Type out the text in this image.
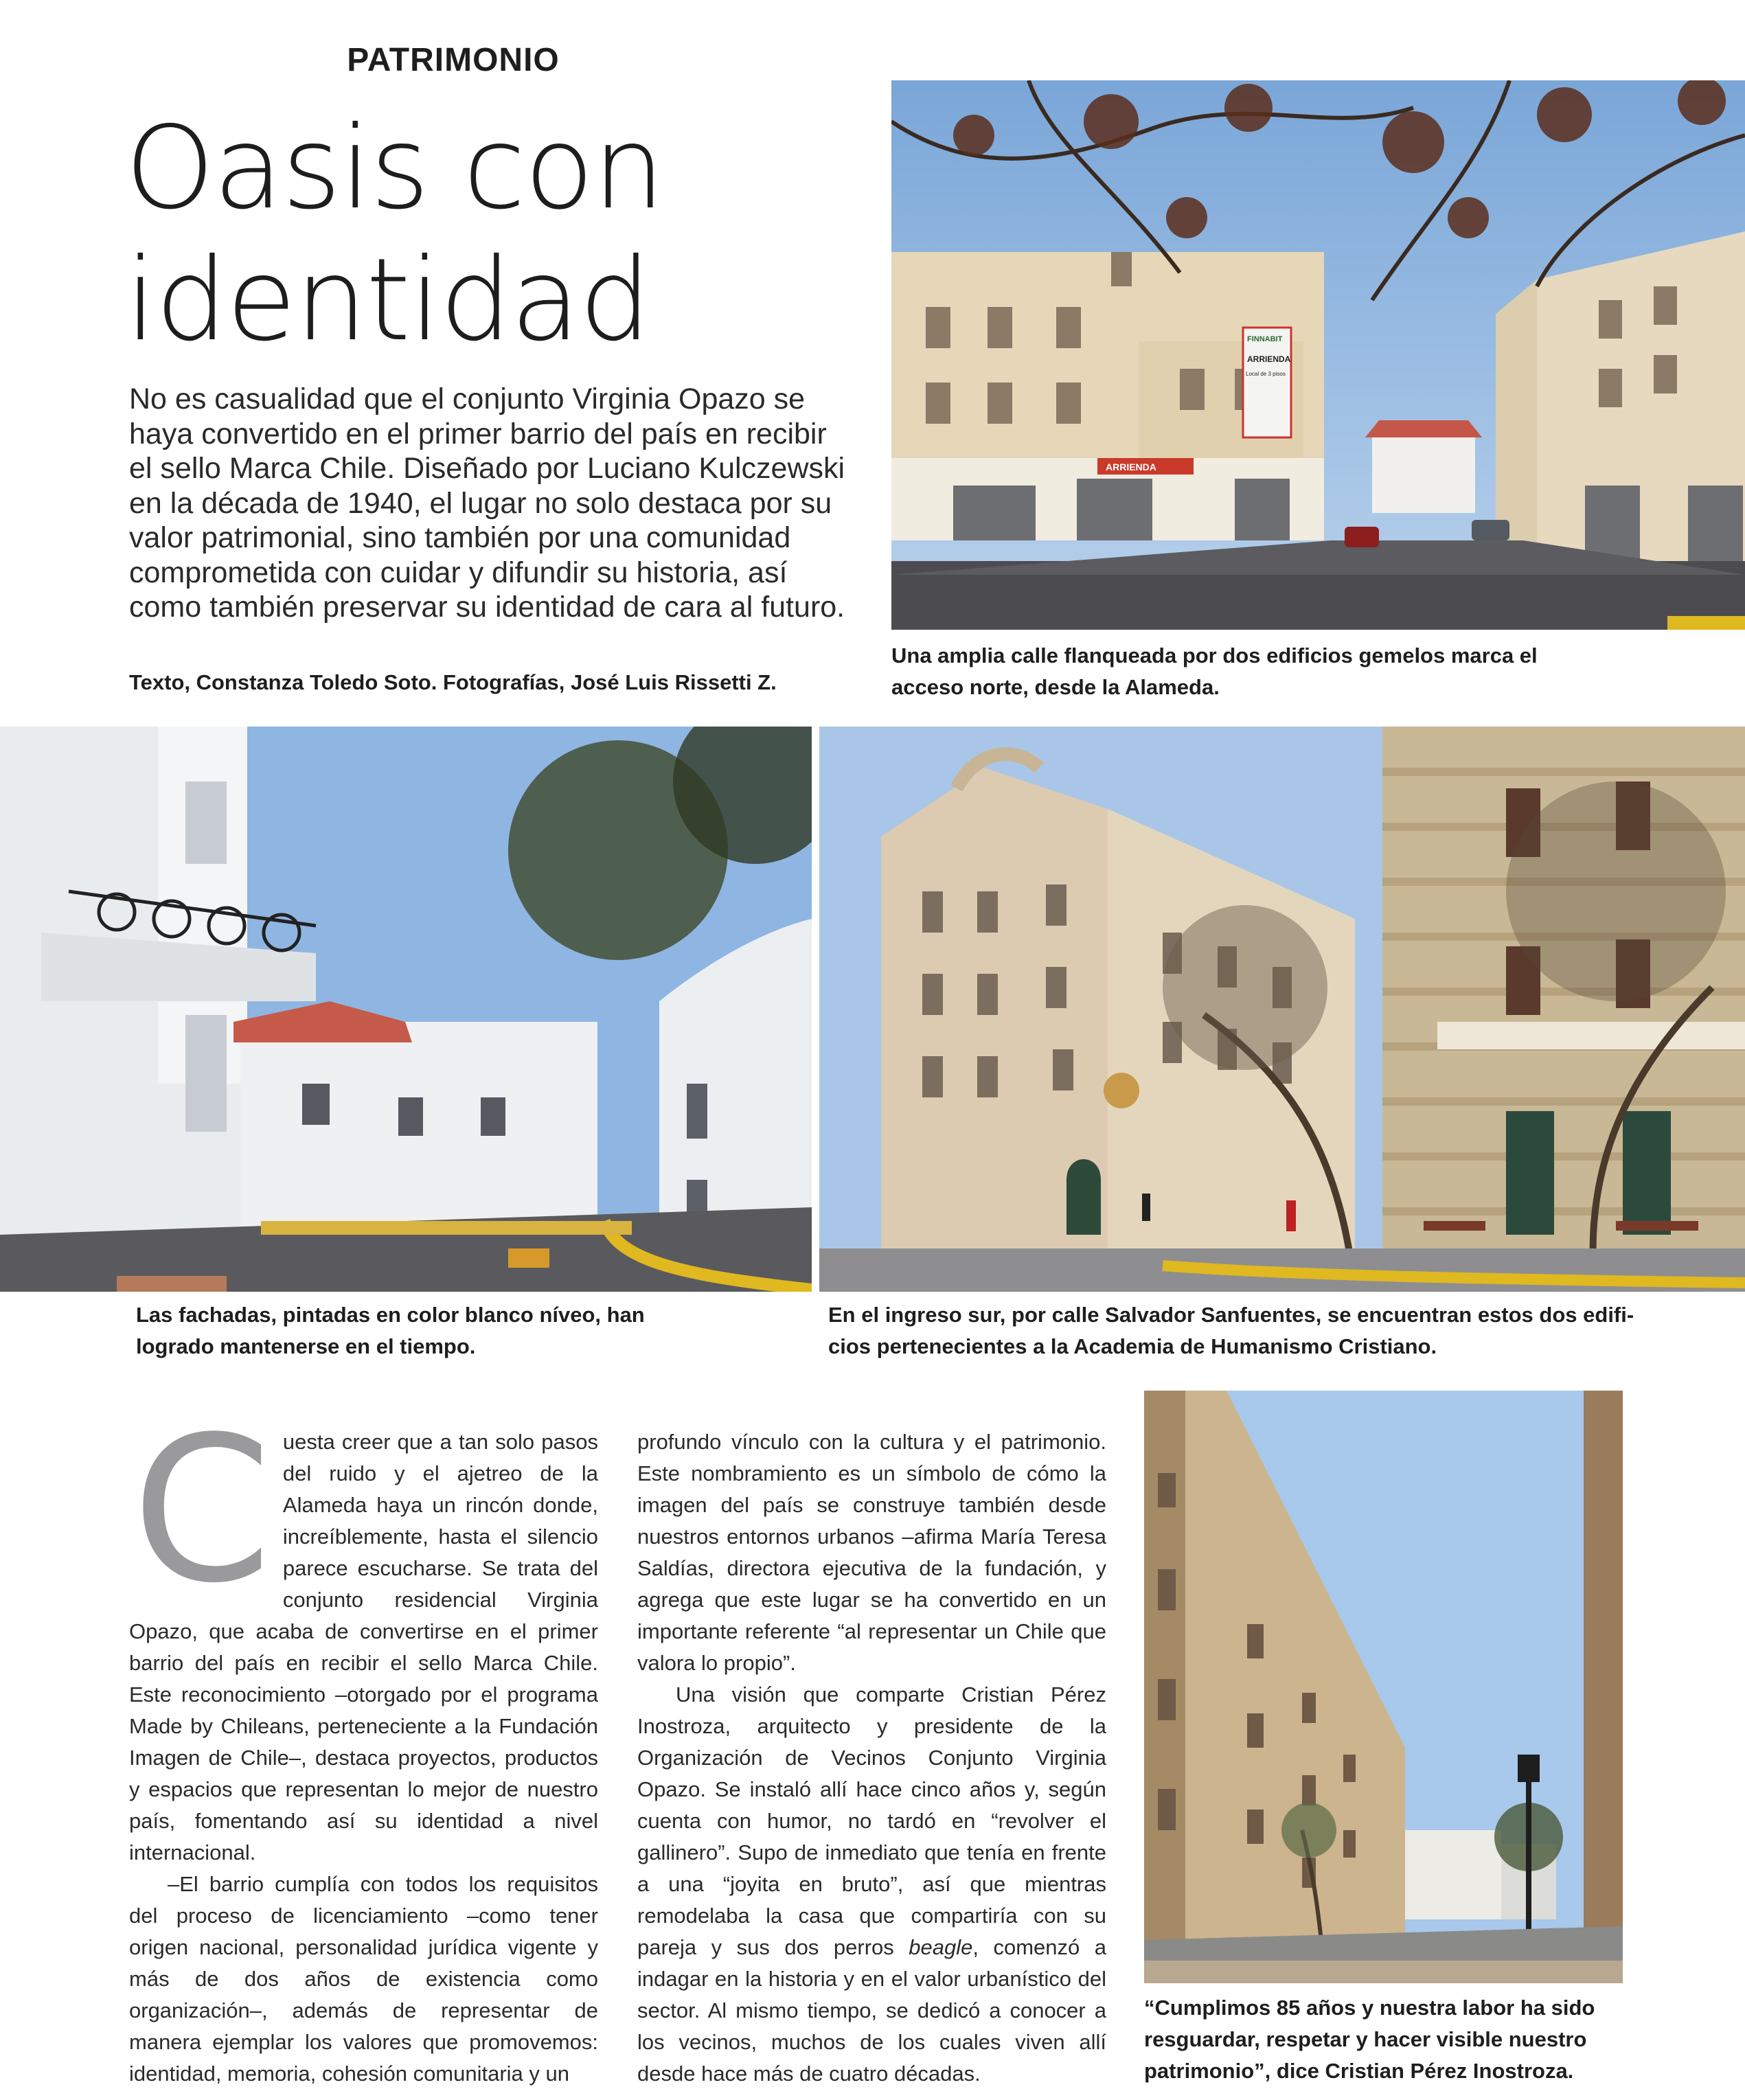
PATRIMONIO
Oasis con
identidad
No es casualidad que el conjunto Virginia Opazo se haya convertido en el primer barrio del país en recibir el sello Marca Chile. Diseñado por Luciano Kulczewski en la década de 1940, el lugar no solo destaca por su valor patrimonial, sino también por una comunidad comprometida con cuidar y difundir su historia, así como también preservar su identidad de cara al futuro.
Texto, Constanza Toledo Soto. Fotografías, José Luis Rissetti Z.
ARRIENDA
FINNABIT
ARRIENDA
Local de 3 pisos
Una amplia calle flanqueada por dos edificios gemelos marca el
acceso norte, desde la Alameda.
Las fachadas, pintadas en color blanco níveo, han
logrado mantenerse en el tiempo.
En el ingreso sur, por calle Salvador Sanfuentes, se encuentran estos dos edifi-
cios pertenecientes a la Academia de Humanismo Cristiano.

Cuesta creer que a tan solo pasos del ruido y el ajetreo de la Alameda haya un rincón donde, increíblemente, hasta el silencio parece escucharse. Se trata del conjunto residencial Virginia Opazo, que acaba de convertirse en el primer barrio del país en recibir el sello Marca Chile. Este reconocimiento –otorgado por el programa Made by Chileans, perteneciente a la Fundación Imagen de Chile–, destaca proyectos, productos y espacios que representan lo mejor de nuestro país, fomentando así su identidad a nivel internacional.

–El barrio cumplía con todos los requisitos del proceso de licenciamiento –como tener origen nacional, personalidad jurídica vigente y más de dos años de existencia como organización–, además de representar de manera ejemplar los valores que promovemos: identidad, memoria, cohesión comunitaria y un

profundo vínculo con la cultura y el patrimonio. Este nombramiento es un símbolo de cómo la imagen del país se construye también desde nuestros entornos urbanos –afirma María Teresa Saldías, directora ejecutiva de la fundación, y agrega que este lugar se ha convertido en un importante referente “al representar un Chile que valora lo propio”.

Una visión que comparte Cristian Pérez Inostroza, arquitecto y presidente de la Organización de Vecinos Conjunto Virginia Opazo. Se instaló allí hace cinco años y, según cuenta con humor, no tardó en “revolver el gallinero”. Supo de inmediato que tenía en frente a una “joyita en bruto”, así que mientras remodelaba la casa que compartiría con su pareja y sus dos perros beagle, comenzó a indagar en la historia y en el valor urbanístico del sector. Al mismo tiempo, se dedicó a conocer a los vecinos, muchos de los cuales viven allí desde hace más de cuatro décadas.

“Cumplimos 85 años y nuestra labor ha sido
resguardar, respetar y hacer visible nuestro
patrimonio”, dice Cristian Pérez Inostroza.
